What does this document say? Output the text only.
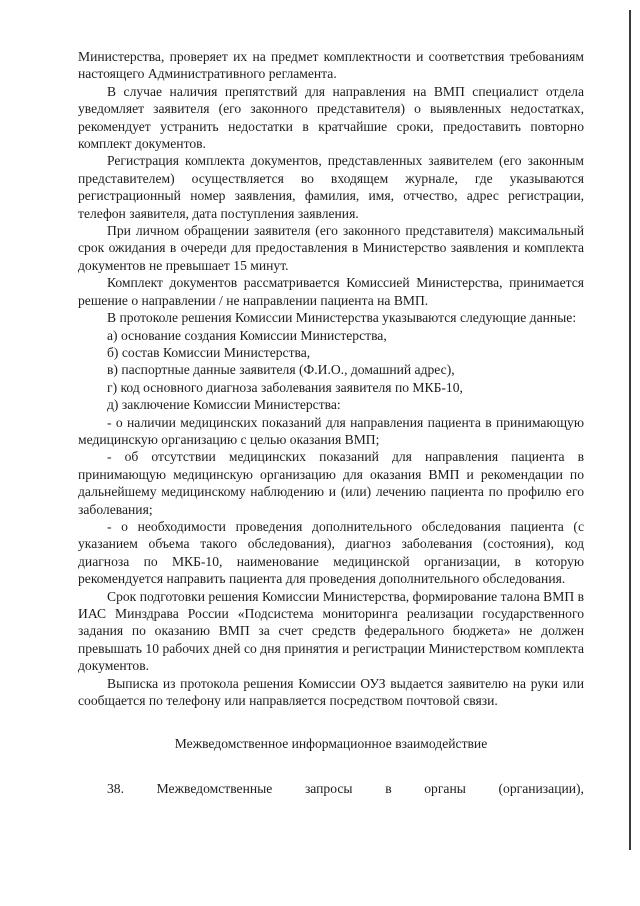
Министерства, проверяет их на предмет комплектности и соответствия требованиям настоящего Административного регламента.

В случае наличия препятствий для направления на ВМП специалист отдела уведомляет заявителя (его законного представителя) о выявленных недостатках, рекомендует устранить недостатки в кратчайшие сроки, предоставить повторно комплект документов.

Регистрация комплекта документов, представленных заявителем (его законным представителем) осуществляется во входящем журнале, где указываются регистрационный номер заявления, фамилия, имя, отчество, адрес регистрации, телефон заявителя, дата поступления заявления.

При личном обращении заявителя (его законного представителя) максимальный срок ожидания в очереди для предоставления в Министерство заявления и комплекта документов не превышает 15 минут.

Комплект документов рассматривается Комиссией Министерства, принимается решение о направлении / не направлении пациента на ВМП.

В протоколе решения Комиссии Министерства указываются следующие данные:

а) основание создания Комиссии Министерства,

б) состав Комиссии Министерства,

в) паспортные данные заявителя (Ф.И.О., домашний адрес),

г) код основного диагноза заболевания заявителя по МКБ-10,

д) заключение Комиссии Министерства:

- о наличии медицинских показаний для направления пациента в принимающую медицинскую организацию с целью оказания ВМП;

- об отсутствии медицинских показаний для направления пациента в принимающую медицинскую организацию для оказания ВМП и рекомендации по дальнейшему медицинскому наблюдению и (или) лечению пациента по профилю его заболевания;

- о необходимости проведения дополнительного обследования пациента (с указанием объема такого обследования), диагноз заболевания (состояния), код диагноза по МКБ-10, наименование медицинской организации, в которую рекомендуется направить пациента для проведения дополнительного обследования.

Срок подготовки решения Комиссии Министерства, формирование талона ВМП в ИАС Минздрава России «Подсистема мониторинга реализации государственного задания по оказанию ВМП за счет средств федерального бюджета» не должен превышать 10 рабочих дней со дня принятия и регистрации Министерством комплекта документов.

Выписка из протокола решения Комиссии ОУЗ выдается заявителю на руки или сообщается по телефону или направляется посредством почтовой связи.

Межведомственное информационное взаимодействие

38. Межведомственные запросы в органы (организации),
